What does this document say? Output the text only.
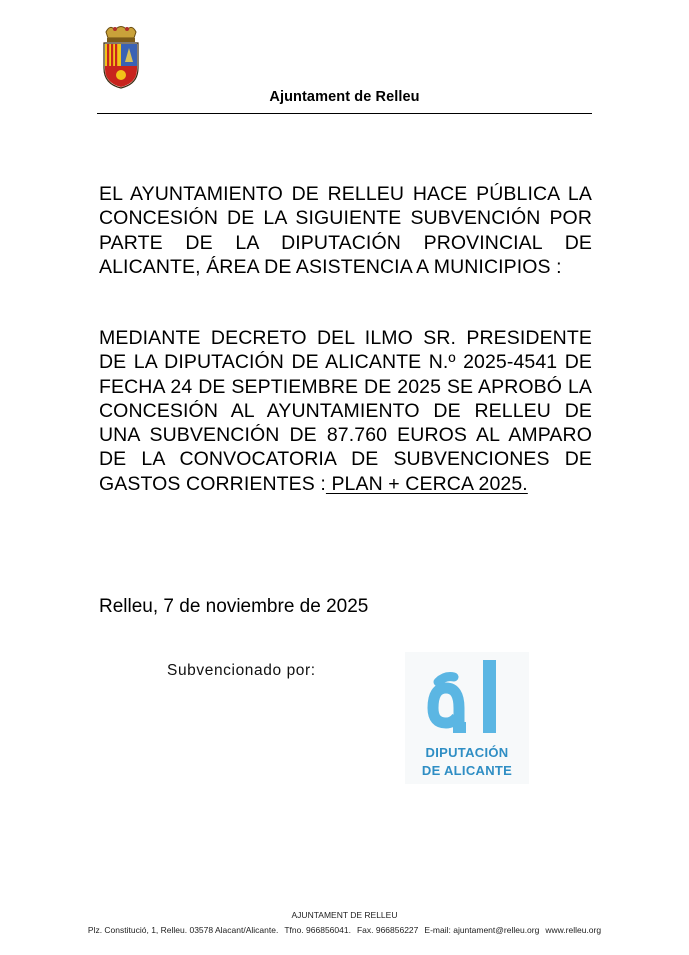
Ajuntament de Relleu
EL AYUNTAMIENTO DE RELLEU HACE PÚBLICA LA CONCESIÓN DE LA SIGUIENTE SUBVENCIÓN POR PARTE DE LA DIPUTACIÓN PROVINCIAL DE ALICANTE, ÁREA DE ASISTENCIA A MUNICIPIOS :
MEDIANTE DECRETO DEL ILMO SR. PRESIDENTE DE LA DIPUTACIÓN DE ALICANTE N.º 2025-4541 DE FECHA 24 DE SEPTIEMBRE DE 2025 SE APROBÓ LA CONCESIÓN AL AYUNTAMIENTO DE RELLEU DE UNA SUBVENCIÓN DE 87.760 EUROS AL AMPARO DE LA CONVOCATORIA DE SUBVENCIONES DE GASTOS CORRIENTES : PLAN + CERCA 2025.
Relleu, 7 de noviembre de 2025
Subvencionado por:
DIPUTACIÓN
DE ALICANTE
AJUNTAMENT DE RELLEU
Plz. Constitució, 1, Relleu. 03578 Alacant/Alicante. Tfno. 966856041. Fax. 966856227 E-mail: ajuntament@relleu.org www.relleu.org
